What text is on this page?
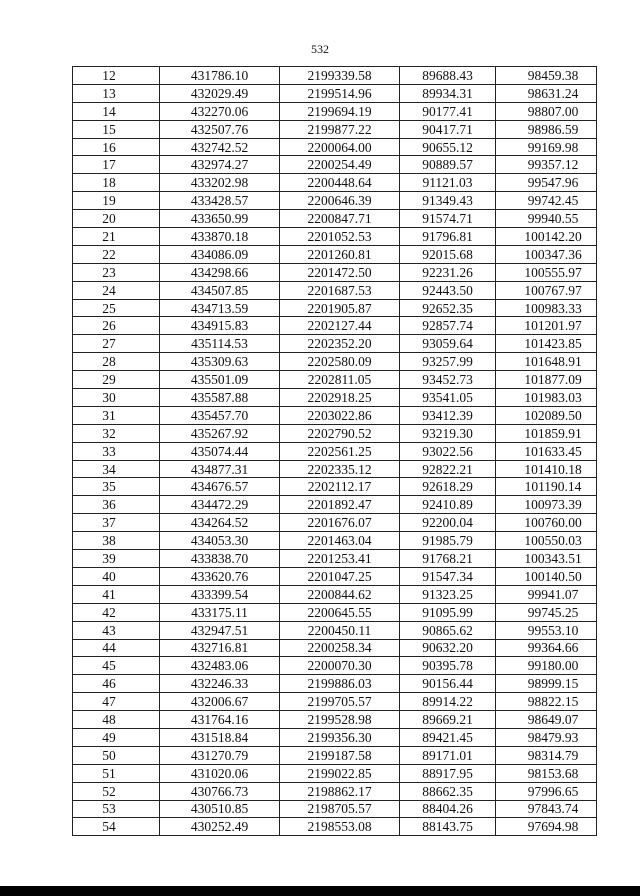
532
12	431786.10	2199339.58	89688.43	98459.38
13	432029.49	2199514.96	89934.31	98631.24
14	432270.06	2199694.19	90177.41	98807.00
15	432507.76	2199877.22	90417.71	98986.59
16	432742.52	2200064.00	90655.12	99169.98
17	432974.27	2200254.49	90889.57	99357.12
18	433202.98	2200448.64	91121.03	99547.96
19	433428.57	2200646.39	91349.43	99742.45
20	433650.99	2200847.71	91574.71	99940.55
21	433870.18	2201052.53	91796.81	100142.20
22	434086.09	2201260.81	92015.68	100347.36
23	434298.66	2201472.50	92231.26	100555.97
24	434507.85	2201687.53	92443.50	100767.97
25	434713.59	2201905.87	92652.35	100983.33
26	434915.83	2202127.44	92857.74	101201.97
27	435114.53	2202352.20	93059.64	101423.85
28	435309.63	2202580.09	93257.99	101648.91
29	435501.09	2202811.05	93452.73	101877.09
30	435587.88	2202918.25	93541.05	101983.03
31	435457.70	2203022.86	93412.39	102089.50
32	435267.92	2202790.52	93219.30	101859.91
33	435074.44	2202561.25	93022.56	101633.45
34	434877.31	2202335.12	92822.21	101410.18
35	434676.57	2202112.17	92618.29	101190.14
36	434472.29	2201892.47	92410.89	100973.39
37	434264.52	2201676.07	92200.04	100760.00
38	434053.30	2201463.04	91985.79	100550.03
39	433838.70	2201253.41	91768.21	100343.51
40	433620.76	2201047.25	91547.34	100140.50
41	433399.54	2200844.62	91323.25	99941.07
42	433175.11	2200645.55	91095.99	99745.25
43	432947.51	2200450.11	90865.62	99553.10
44	432716.81	2200258.34	90632.20	99364.66
45	432483.06	2200070.30	90395.78	99180.00
46	432246.33	2199886.03	90156.44	98999.15
47	432006.67	2199705.57	89914.22	98822.15
48	431764.16	2199528.98	89669.21	98649.07
49	431518.84	2199356.30	89421.45	98479.93
50	431270.79	2199187.58	89171.01	98314.79
51	431020.06	2199022.85	88917.95	98153.68
52	430766.73	2198862.17	88662.35	97996.65
53	430510.85	2198705.57	88404.26	97843.74
54	430252.49	2198553.08	88143.75	97694.98
